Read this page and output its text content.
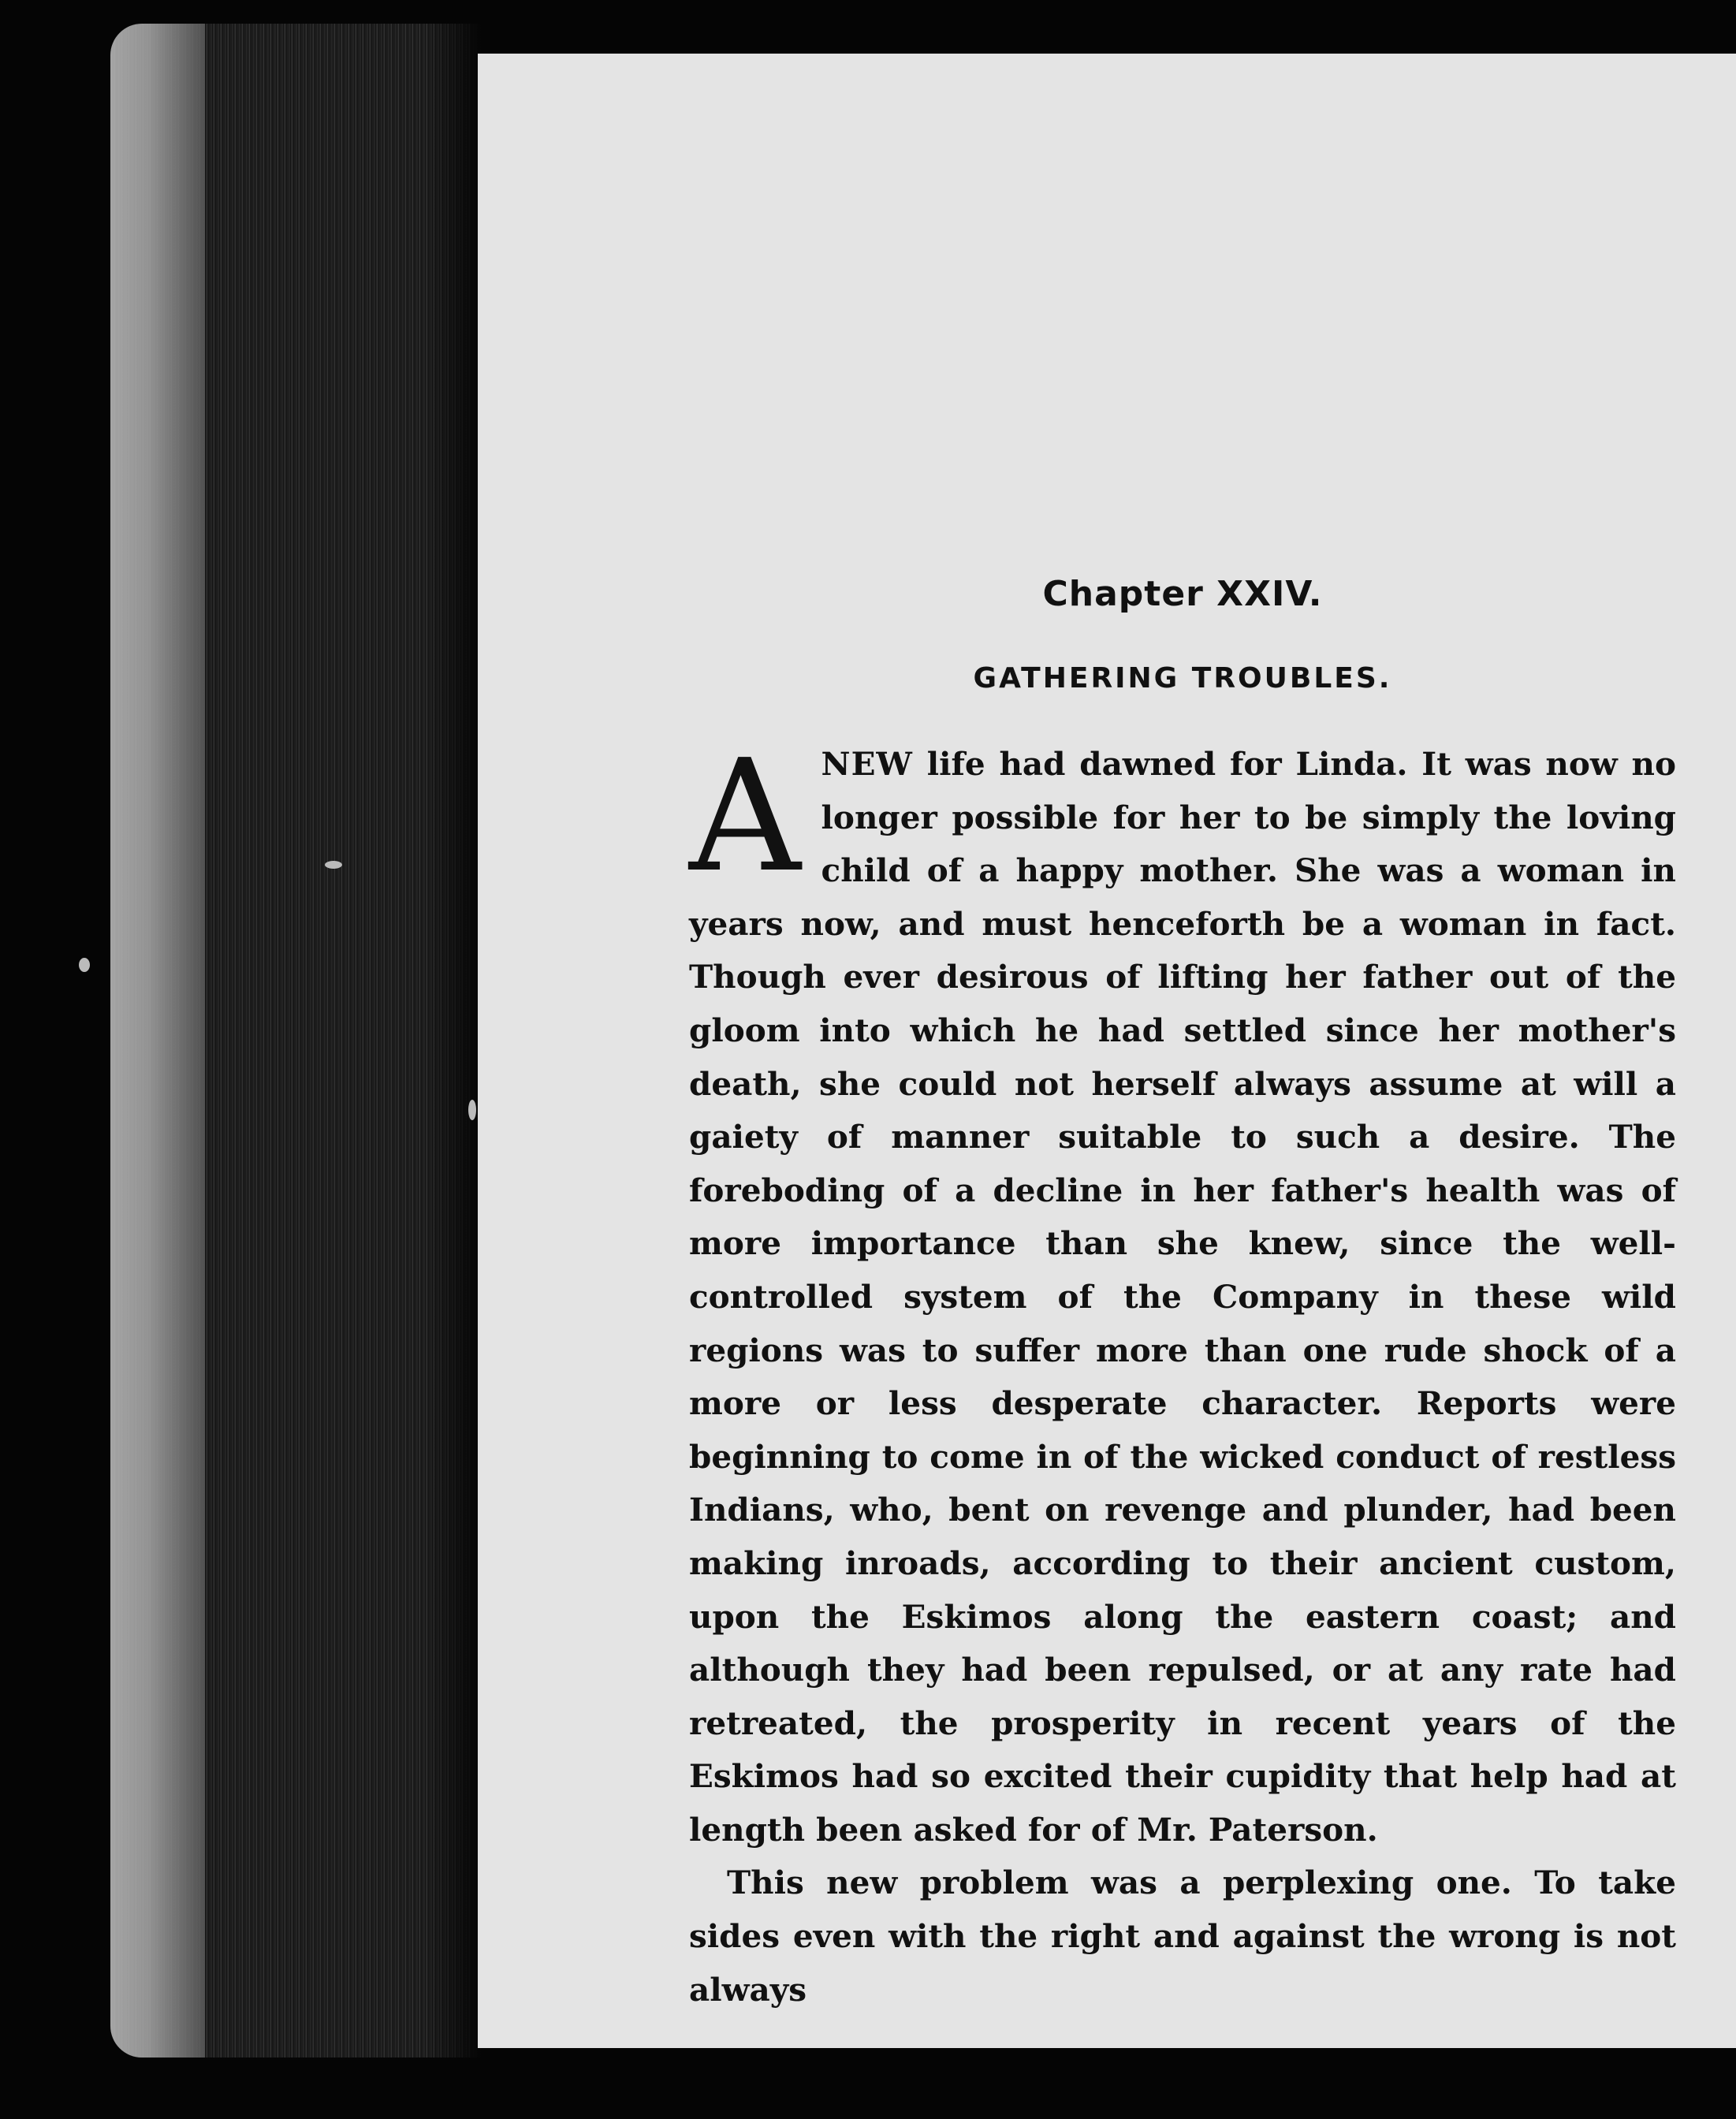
Chapter XXIV.
GATHERING TROUBLES.

ANEW life had dawned for Linda. It was now no longer possible for her to be simply the loving child of a happy mother. She was a woman in years now, and must henceforth be a woman in fact. Though ever desirous of lifting her father out of the gloom into which he had settled since her mother's death, she could not herself always assume at will a gaiety of manner suitable to such a desire. The foreboding of a decline in her father's health was of more importance than she knew, since the well-controlled system of the Company in these wild regions was to suffer more than one rude shock of a more or less desperate character. Reports were beginning to come in of the wicked conduct of restless Indians, who, bent on revenge and plunder, had been making inroads, according to their ancient custom, upon the Eskimos along the eastern coast; and although they had been repulsed, or at any rate had retreated, the prosperity in recent years of the Eskimos had so excited their cupidity that help had at length been asked for of Mr. Paterson.

This new problem was a perplexing one. To take sides even with the right and against the wrong is not always
